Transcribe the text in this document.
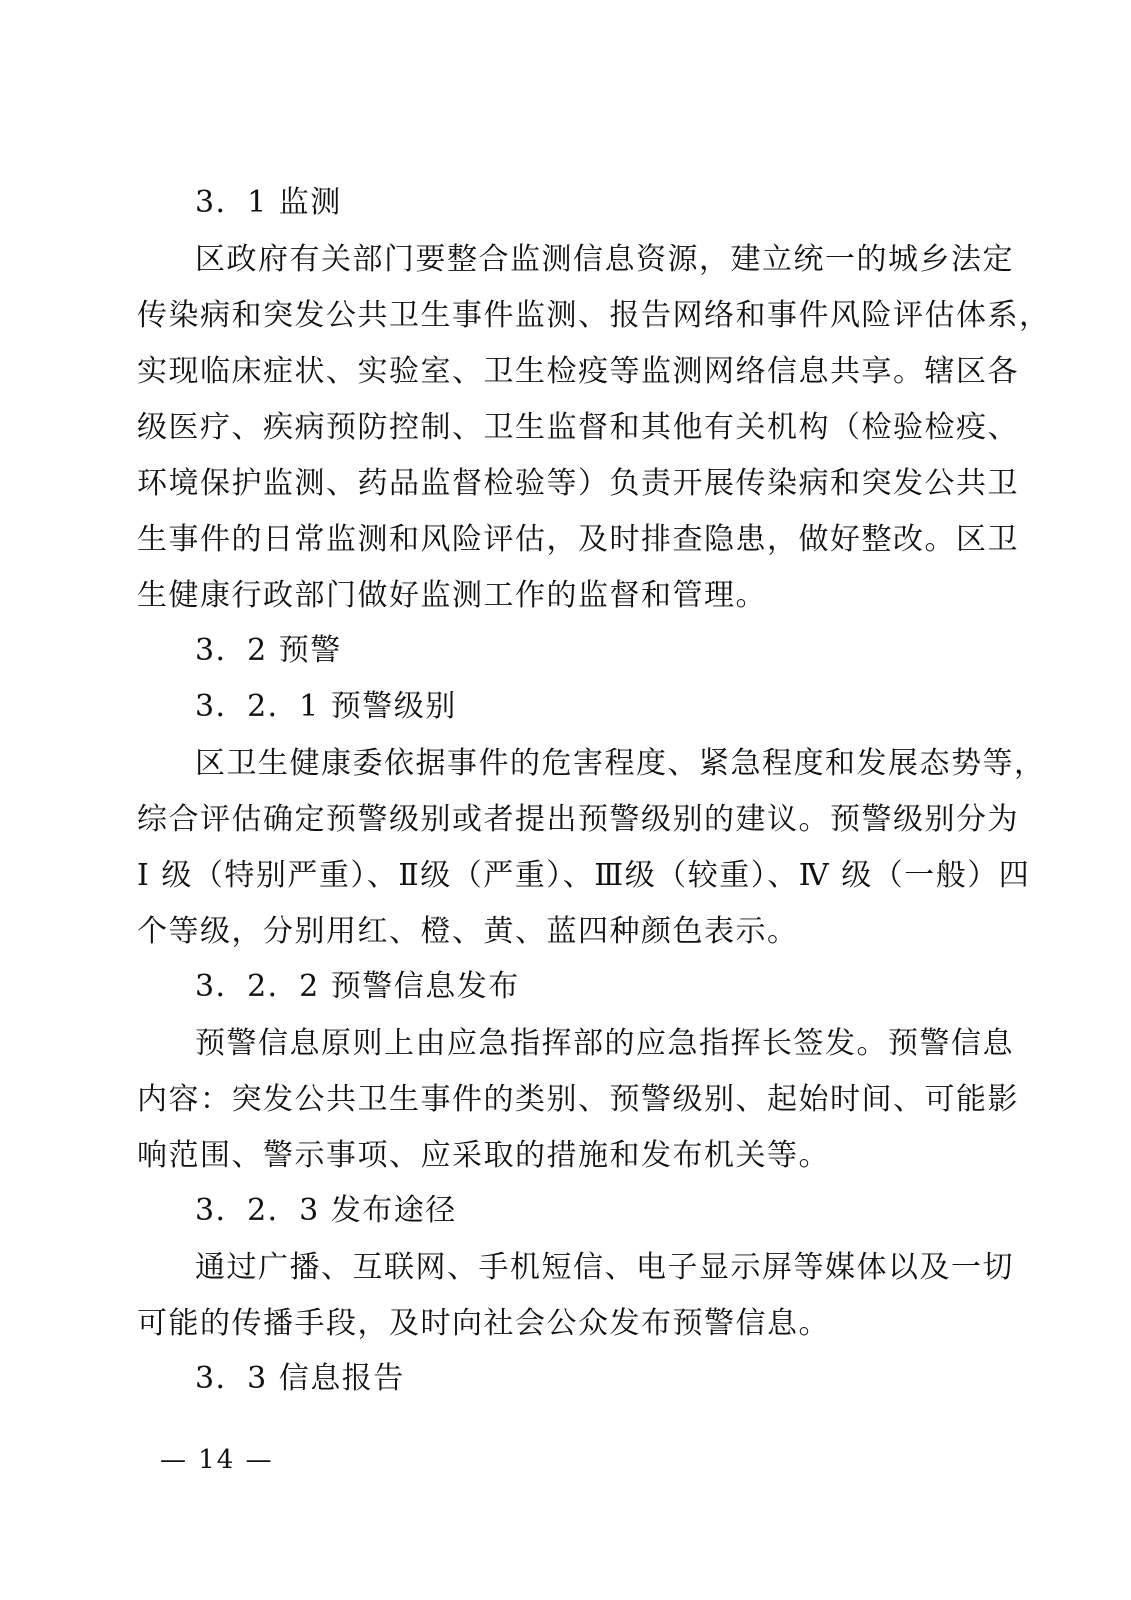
3．1 监测
区政府有关部门要整合监测信息资源，建立统一的城乡法定
传染病和突发公共卫生事件监测、报告网络和事件风险评估体系，
实现临床症状、实验室、卫生检疫等监测网络信息共享。辖区各
级医疗、疾病预防控制、卫生监督和其他有关机构（检验检疫、
环境保护监测、药品监督检验等）负责开展传染病和突发公共卫
生事件的日常监测和风险评估，及时排查隐患，做好整改。区卫
生健康行政部门做好监测工作的监督和管理。
3．2 预警
3．2．1 预警级别
区卫生健康委依据事件的危害程度、紧急程度和发展态势等，
综合评估确定预警级别或者提出预警级别的建议。预警级别分为
I 级（特别严重）、Ⅱ级（严重）、Ⅲ级（较重）、Ⅳ 级（一般）四
个等级，分别用红、橙、黄、蓝四种颜色表示。
3．2．2 预警信息发布
预警信息原则上由应急指挥部的应急指挥长签发。预警信息
内容：突发公共卫生事件的类别、预警级别、起始时间、可能影
响范围、警示事项、应采取的措施和发布机关等。
3．2．3 发布途径
通过广播、互联网、手机短信、电子显示屏等媒体以及一切
可能的传播手段，及时向社会公众发布预警信息。
3．3 信息报告
— 14 —
